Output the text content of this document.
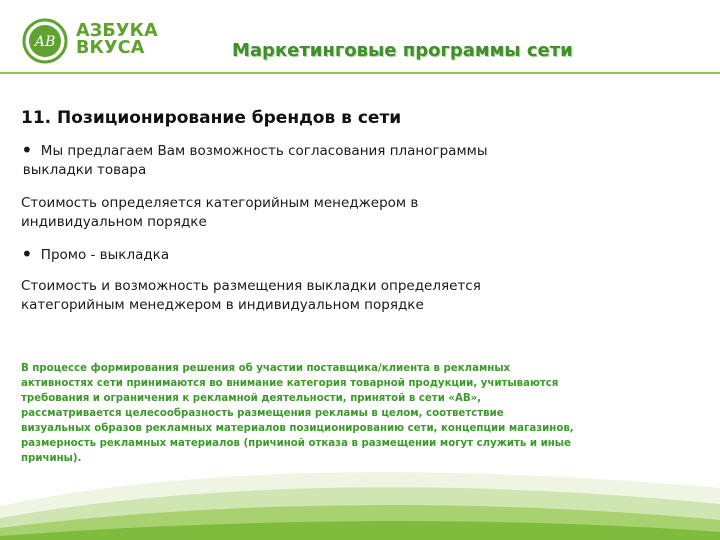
АВ
АЗБУКА
ВКУСА	Маркетинговые программы сети
11. Позиционирование брендов в сети
• Мы предлагаем Вам возможность согласования планограммы
выкладки товара
Стоимость определяется категорийным менеджером в
индивидуальном порядке
• Промо - выкладка
Стоимость и возможность размещения выкладки определяется
категорийным менеджером в индивидуальном порядке
В процессе формирования решения об участии поставщика/клиента в рекламных
активностях сети принимаются во внимание категория товарной продукции, учитываются
требования и ограничения к рекламной деятельности, принятой в сети «АВ»,
рассматривается целесообразность размещения рекламы в целом, соответствие
визуальных образов рекламных материалов позиционированию сети, концепции магазинов,
размерность рекламных материалов (причиной отказа в размещении могут служить и иные
причины).
